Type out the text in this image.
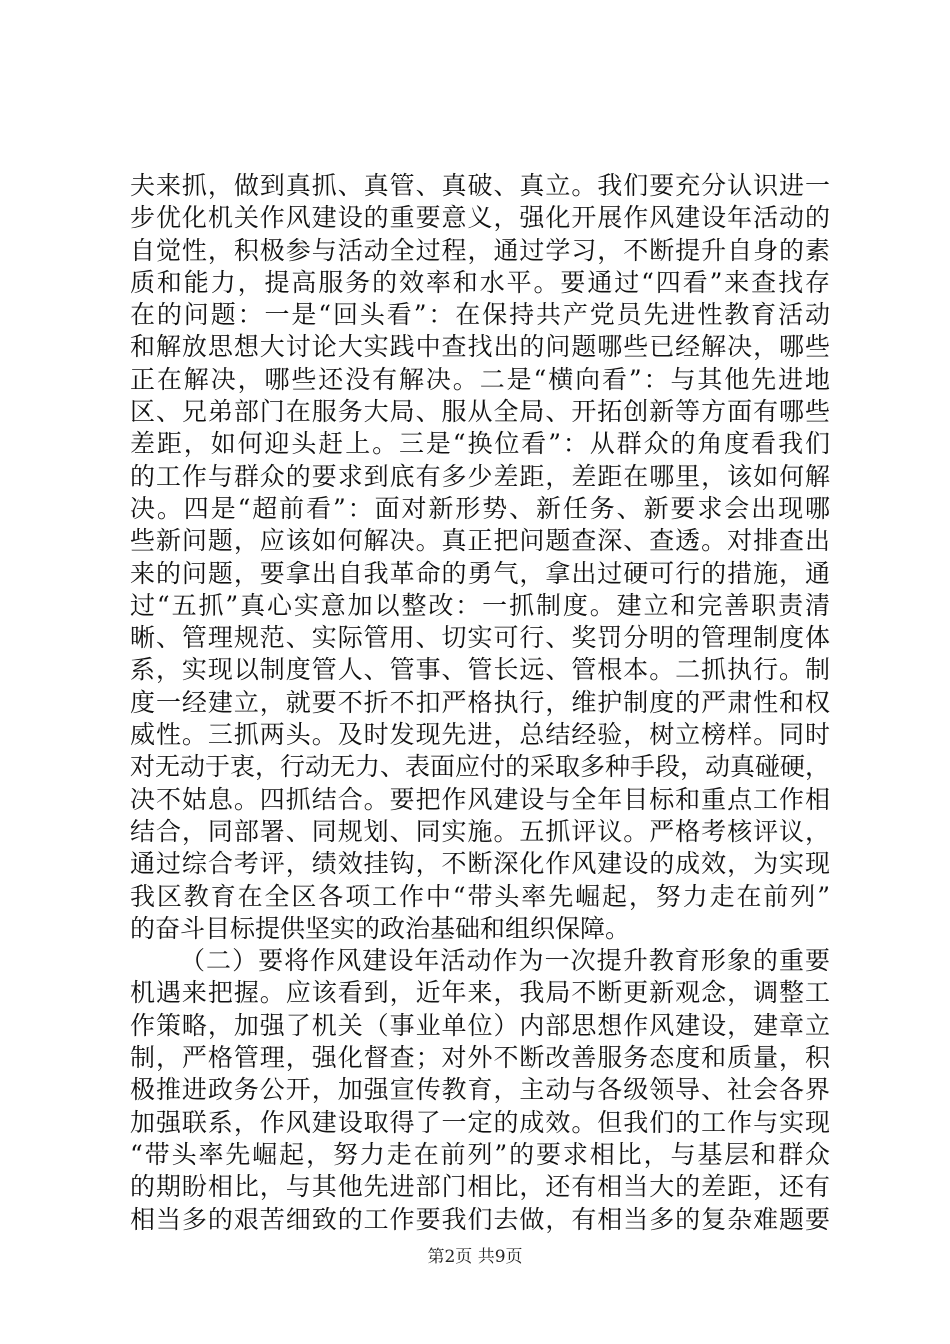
夫来抓，做到真抓、真管、真破、真立。我们要充分认识进一
步优化机关作风建设的重要意义，强化开展作风建设年活动的
自觉性，积极参与活动全过程，通过学习，不断提升自身的素
质和能力，提高服务的效率和水平。要通过“四看”来查找存
在的问题：一是“回头看”：在保持共产党员先进性教育活动
和解放思想大讨论大实践中查找出的问题哪些已经解决，哪些
正在解决，哪些还没有解决。二是“横向看”：与其他先进地
区、兄弟部门在服务大局、服从全局、开拓创新等方面有哪些
差距，如何迎头赶上。三是“换位看”：从群众的角度看我们
的工作与群众的要求到底有多少差距，差距在哪里，该如何解
决。四是“超前看”：面对新形势、新任务、新要求会出现哪
些新问题，应该如何解决。真正把问题查深、查透。对排查出
来的问题，要拿出自我革命的勇气，拿出过硬可行的措施，通
过“五抓”真心实意加以整改：一抓制度。建立和完善职责清
晰、管理规范、实际管用、切实可行、奖罚分明的管理制度体
系，实现以制度管人、管事、管长远、管根本。二抓执行。制
度一经建立，就要不折不扣严格执行，维护制度的严肃性和权
威性。三抓两头。及时发现先进，总结经验，树立榜样。同时
对无动于衷，行动无力、表面应付的采取多种手段，动真碰硬，
决不姑息。四抓结合。要把作风建设与全年目标和重点工作相
结合，同部署、同规划、同实施。五抓评议。严格考核评议，
通过综合考评，绩效挂钩，不断深化作风建设的成效，为实现
我区教育在全区各项工作中“带头率先崛起，努力走在前列”
的奋斗目标提供坚实的政治基础和组织保障。
（二）要将作风建设年活动作为一次提升教育形象的重要
机遇来把握。应该看到，近年来，我局不断更新观念，调整工
作策略，加强了机关（事业单位）内部思想作风建设，建章立
制，严格管理，强化督查；对外不断改善服务态度和质量，积
极推进政务公开，加强宣传教育，主动与各级领导、社会各界
加强联系，作风建设取得了一定的成效。但我们的工作与实现
“带头率先崛起，努力走在前列”的要求相比，与基层和群众
的期盼相比，与其他先进部门相比，还有相当大的差距，还有
相当多的艰苦细致的工作要我们去做，有相当多的复杂难题要
第2页 共9页
